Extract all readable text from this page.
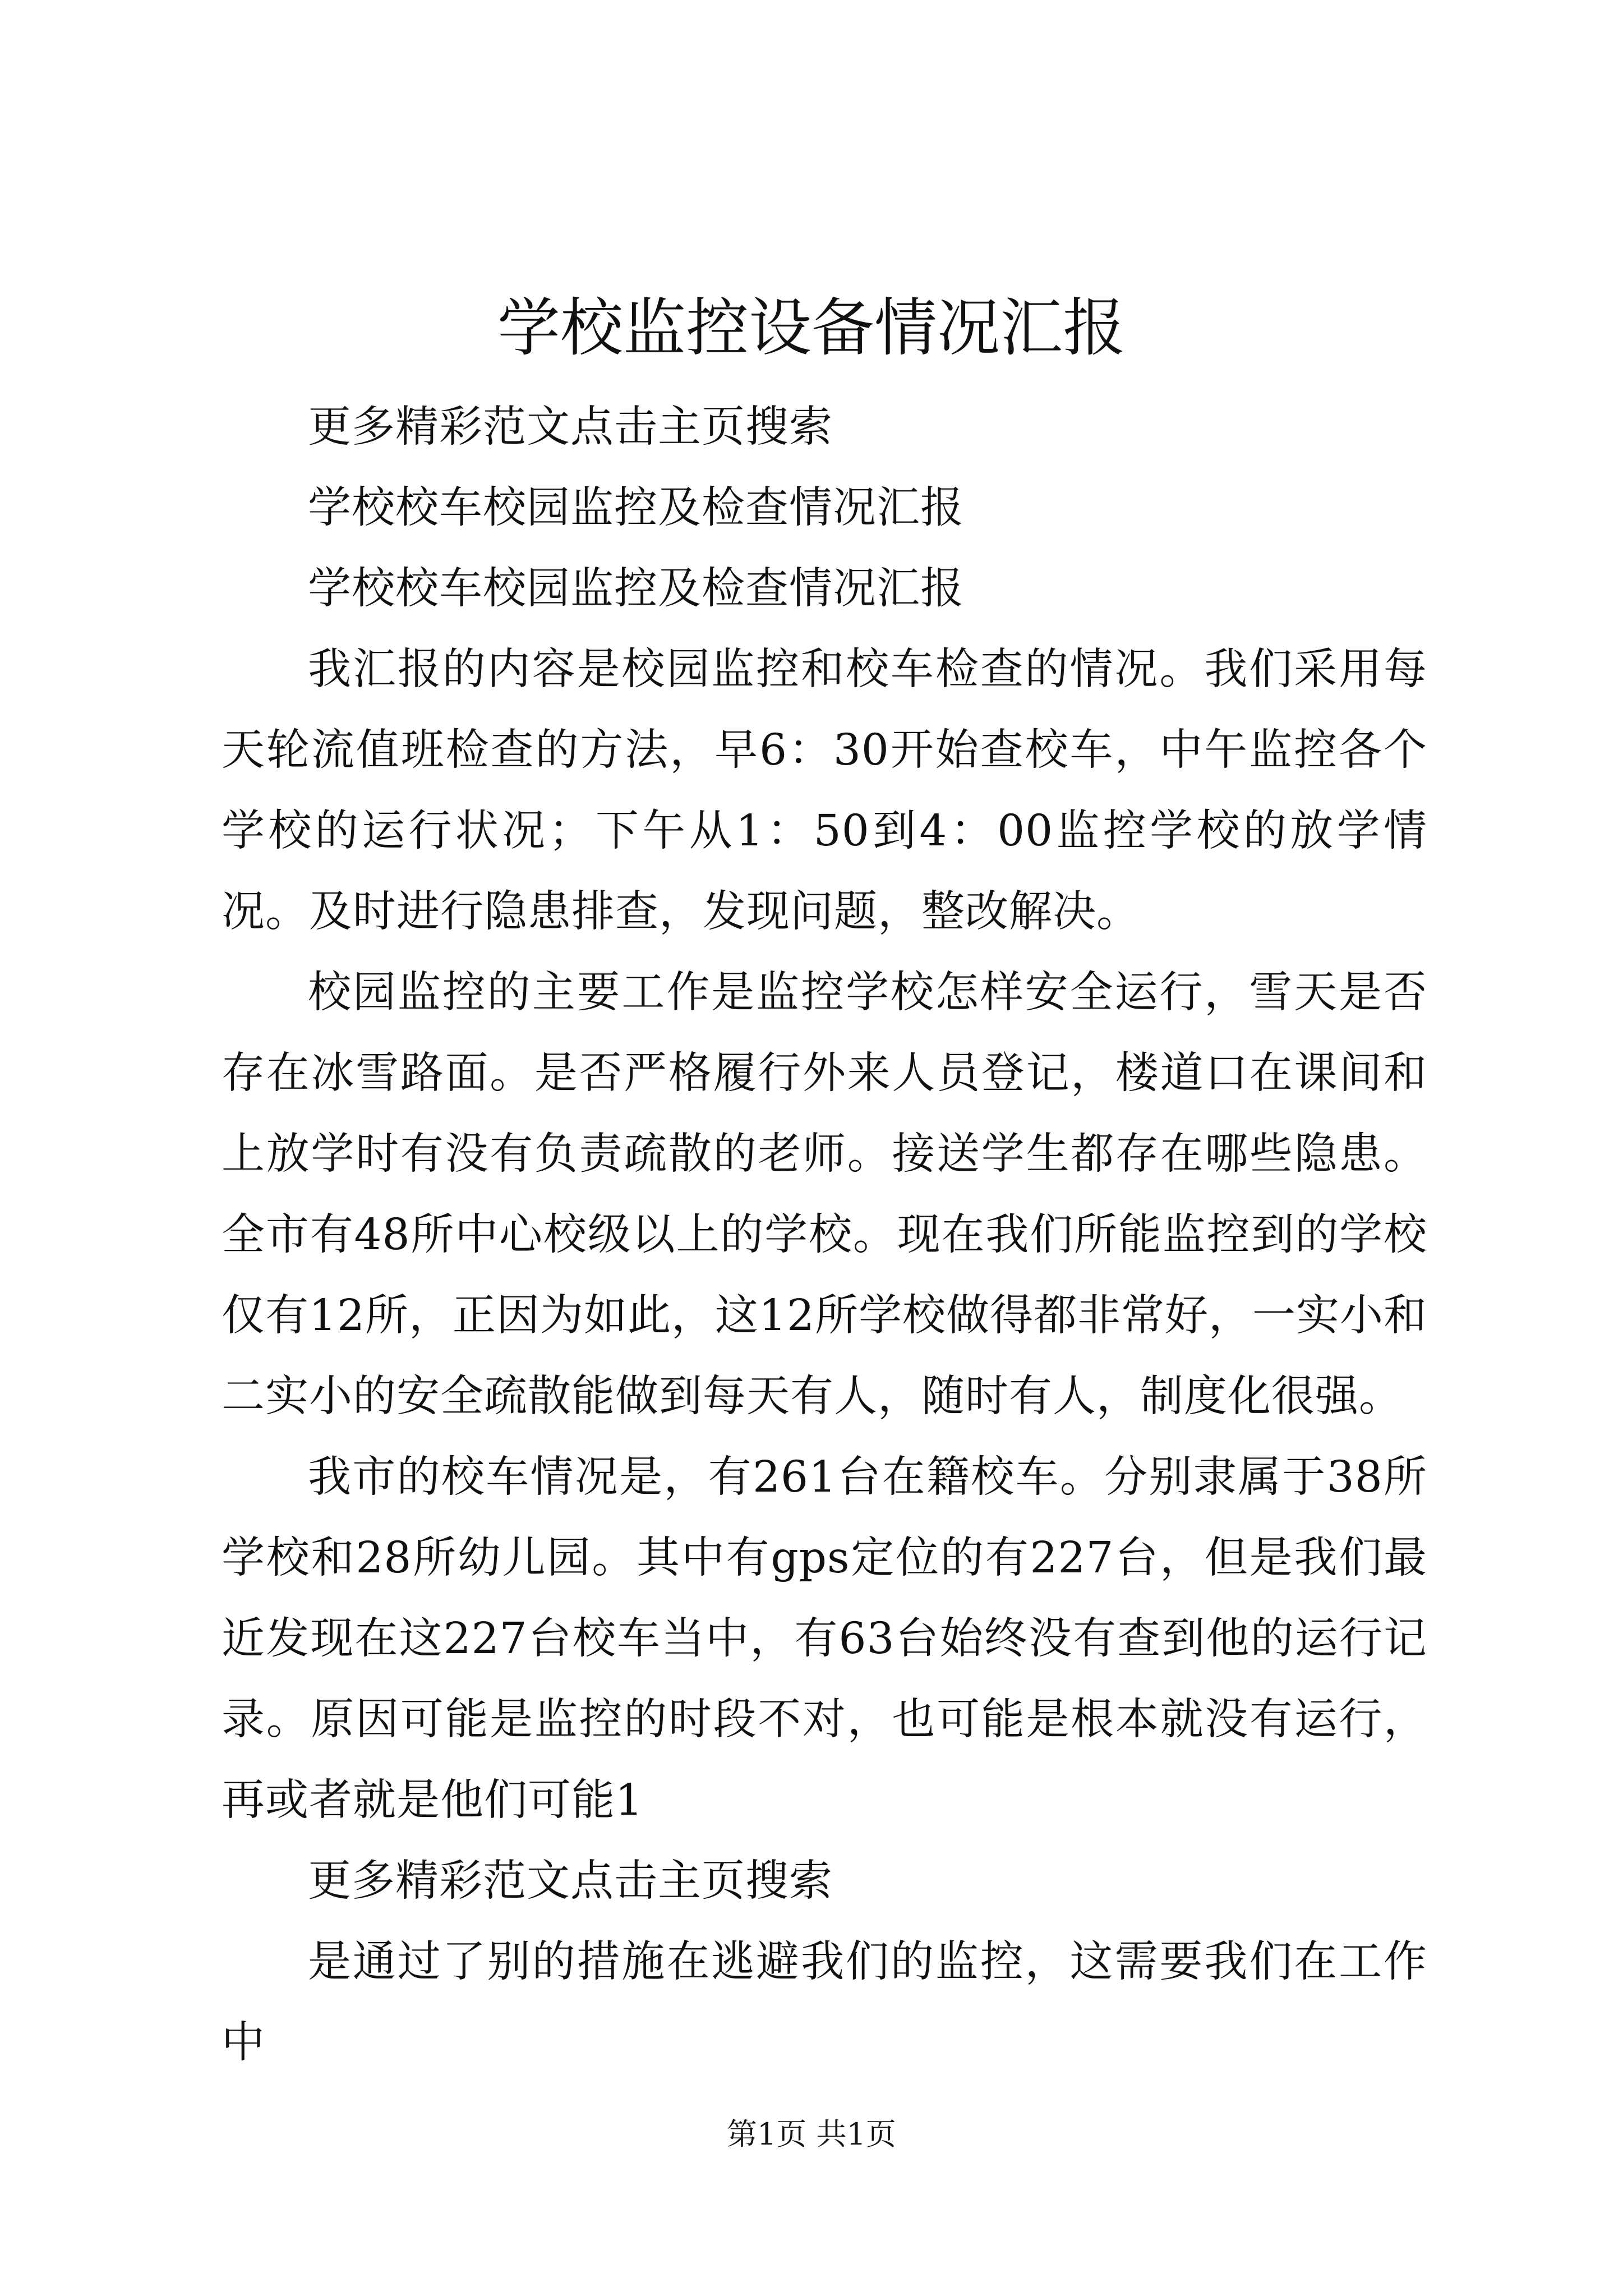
学校监控设备情况汇报

更多精彩范文点击主页搜索

学校校车校园监控及检查情况汇报

学校校车校园监控及检查情况汇报

我汇报的内容是校园监控和校车检查的情况。我们采用每天轮流值班检查的方法，早6：30开始查校车，中午监控各个学校的运行状况；下午从1：50到4：00监控学校的放学情况。及时进行隐患排查，发现问题，整改解决。

校园监控的主要工作是监控学校怎样安全运行，雪天是否存在冰雪路面。是否严格履行外来人员登记，楼道口在课间和上放学时有没有负责疏散的老师。接送学生都存在哪些隐患。全市有48所中心校级以上的学校。现在我们所能监控到的学校仅有12所，正因为如此，这12所学校做得都非常好，一实小和二实小的安全疏散能做到每天有人，随时有人，制度化很强。

我市的校车情况是，有261台在籍校车。分别隶属于38所学校和28所幼儿园。其中有gps定位的有227台，但是我们最近发现在这227台校车当中，有63台始终没有查到他的运行记录。原因可能是监控的时段不对，也可能是根本就没有运行，再或者就是他们可能1

更多精彩范文点击主页搜索

是通过了别的措施在逃避我们的监控，这需要我们在工作中

第1页 共1页
